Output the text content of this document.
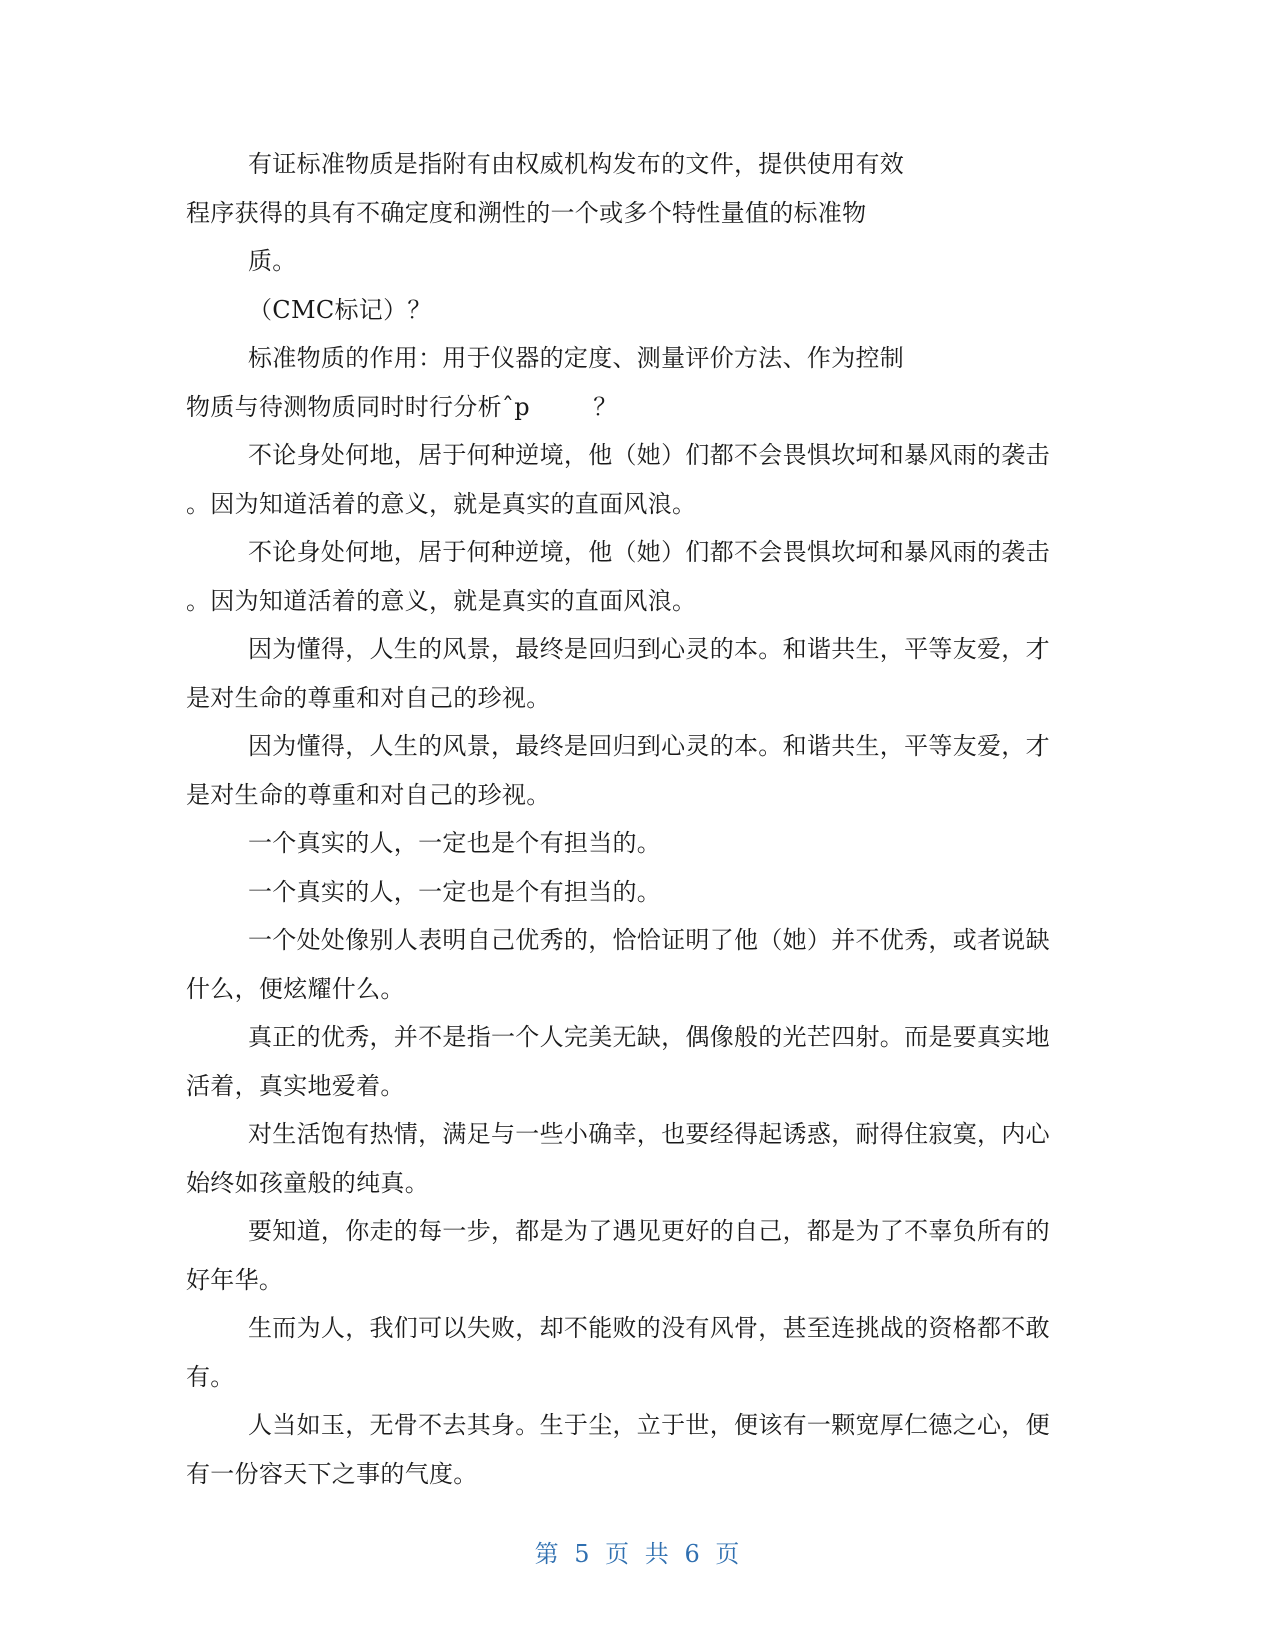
有证标准物质是指附有由权威机构发布的文件，提供使用有效
程序获得的具有不确定度和溯性的一个或多个特性量值的标准物
质。
（CMC标记）？
标准物质的作用：用于仪器的定度、测量评价方法、作为控制
物质与待测物质同时时行分析ˆp        ？
不论身处何地，居于何种逆境，他（她）们都不会畏惧坎坷和暴风雨的袭击
。因为知道活着的意义，就是真实的直面风浪。
不论身处何地，居于何种逆境，他（她）们都不会畏惧坎坷和暴风雨的袭击
。因为知道活着的意义，就是真实的直面风浪。
因为懂得，人生的风景，最终是回归到心灵的本。和谐共生，平等友爱，才
是对生命的尊重和对自己的珍视。
因为懂得，人生的风景，最终是回归到心灵的本。和谐共生，平等友爱，才
是对生命的尊重和对自己的珍视。
一个真实的人，一定也是个有担当的。
一个真实的人，一定也是个有担当的。
一个处处像别人表明自己优秀的，恰恰证明了他（她）并不优秀，或者说缺
什么，便炫耀什么。
真正的优秀，并不是指一个人完美无缺，偶像般的光芒四射。而是要真实地
活着，真实地爱着。
对生活饱有热情，满足与一些小确幸，也要经得起诱惑，耐得住寂寞，内心
始终如孩童般的纯真。
要知道，你走的每一步，都是为了遇见更好的自己，都是为了不辜负所有的
好年华。
生而为人，我们可以失败，却不能败的没有风骨，甚至连挑战的资格都不敢
有。
人当如玉，无骨不去其身。生于尘，立于世，便该有一颗宽厚仁德之心，便
有一份容天下之事的气度。
第 5 页 共 6 页
